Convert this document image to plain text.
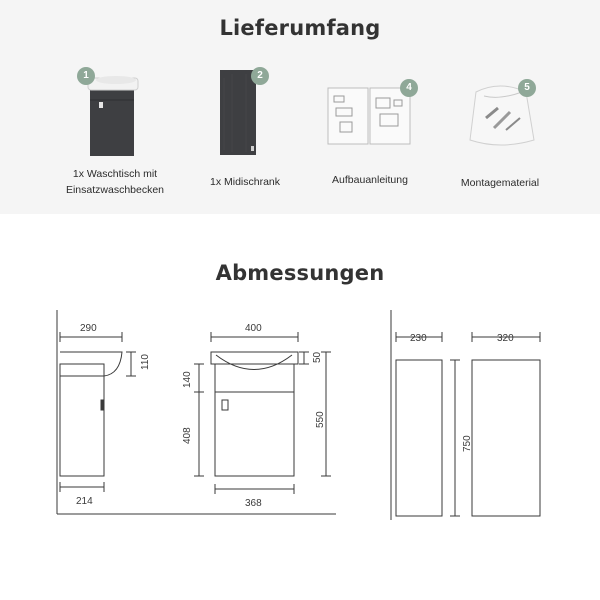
Lieferumfang
1	2
4	5
1x Waschtisch mit
Einsatzwaschbecken
1x Midischrank	Aufbauanleitung	Montagematerial
Abmessungen
290
110
214
400
50
550
140
408
368
230	320
750
